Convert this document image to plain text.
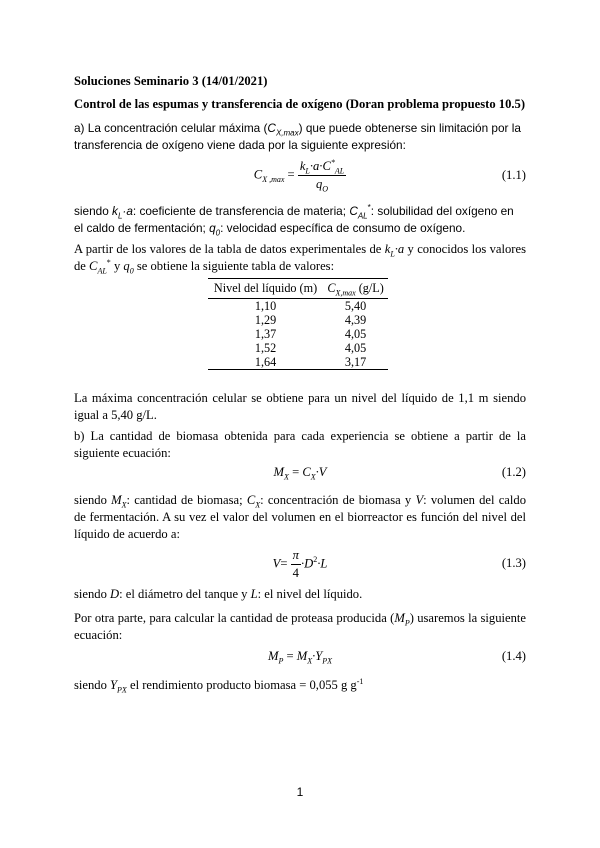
Soluciones Seminario 3 (14/01/2021)
Control de las espumas y transferencia de oxígeno (Doran problema propuesto 10.5)
a) La concentración celular máxima $(C_{X,max})$ que puede obtenerse sin limitación por la transferencia de oxígeno viene dada por la siguiente expresión:
$C_{X ,max} = \frac{k_L\cdot a\cdot C^*_{AL}}{q_O}$	(1.1)
siendo $k_L\cdot a$: coeficiente de transferencia de materia; $C_{AL}^*$: solubilidad del oxígeno en el caldo de fermentación; $q_0$: velocidad específica de consumo de oxígeno.
A partir de los valores de la tabla de datos experimentales de $k_L\cdot a$ y conocidos los valores de $C_{AL}^*$ y $q_0$ se obtiene la siguiente tabla de valores:
Nivel del líquido (m)	$C_{X,max}$ (g/L)
1,10	5,40
1,29	4,39
1,37	4,05
1,52	4,05
1,64	3,17
La máxima concentración celular se obtiene para un nivel del líquido de 1,1 m siendo igual a 5,40 g/L.
b) La cantidad de biomasa obtenida para cada experiencia se obtiene a partir de la siguiente ecuación:
$M_X = C_X\cdot V$	(1.2)
siendo $M_X$: cantidad de biomasa; $C_X$: concentración de biomasa y V: volumen del caldo de fermentación. A su vez el valor del volumen en el biorreactor es función del nivel del líquido de acuerdo a:
$V= \frac{\pi}{4} \cdot D^2\cdot L$	(1.3)
siendo D: el diámetro del tanque y L: el nivel del líquido.
Por otra parte, para calcular la cantidad de proteasa producida $(M_P)$ usaremos la siguiente ecuación:
$M_P = M_X\cdot Y_{PX}$	(1.4)
siendo $Y_{PX}$ el rendimiento producto biomasa = 0,055 g $g^{-1}$
1
